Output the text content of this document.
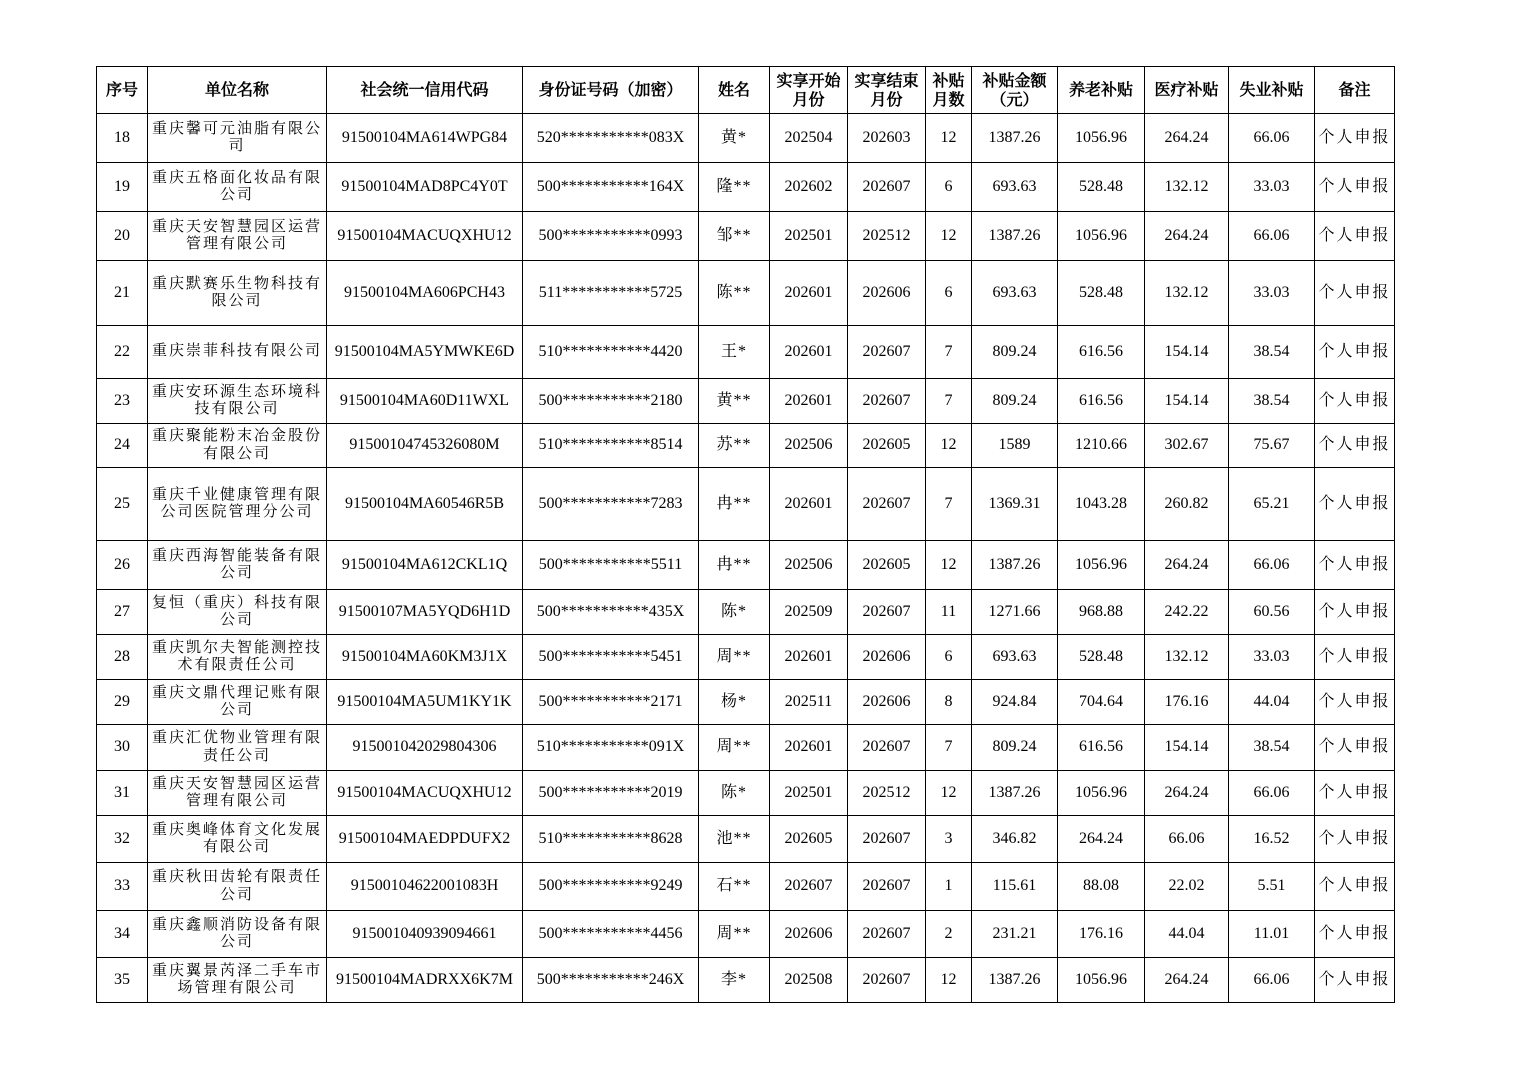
序号	单位名称	社会统一信用代码	身份证号码（加密）	姓名	实享开始月份	实享结束月份	补贴月数	补贴金额（元）	养老补贴	医疗补贴	失业补贴	备注
18	重庆馨可元油脂有限公司	91500104MA614WPG84	520***********083X	黄*	202504	202603	12	1387.26	1056.96	264.24	66.06	个人申报
19	重庆五格面化妆品有限公司	91500104MAD8PC4Y0T	500***********164X	隆**	202602	202607	6	693.63	528.48	132.12	33.03	个人申报
20	重庆天安智慧园区运营管理有限公司	91500104MACUQXHU12	500***********0993	邹**	202501	202512	12	1387.26	1056.96	264.24	66.06	个人申报
21	重庆默赛乐生物科技有限公司	91500104MA606PCH43	511***********5725	陈**	202601	202606	6	693.63	528.48	132.12	33.03	个人申报
22	重庆崇菲科技有限公司	91500104MA5YMWKE6D	510***********4420	王*	202601	202607	7	809.24	616.56	154.14	38.54	个人申报
23	重庆安环源生态环境科技有限公司	91500104MA60D11WXL	500***********2180	黄**	202601	202607	7	809.24	616.56	154.14	38.54	个人申报
24	重庆聚能粉末冶金股份有限公司	91500104745326080M	510***********8514	苏**	202506	202605	12	1589	1210.66	302.67	75.67	个人申报
25	重庆千业健康管理有限公司医院管理分公司	91500104MA60546R5B	500***********7283	冉**	202601	202607	7	1369.31	1043.28	260.82	65.21	个人申报
26	重庆西海智能装备有限公司	91500104MA612CKL1Q	500***********5511	冉**	202506	202605	12	1387.26	1056.96	264.24	66.06	个人申报
27	复恒（重庆）科技有限公司	91500107MA5YQD6H1D	500***********435X	陈*	202509	202607	11	1271.66	968.88	242.22	60.56	个人申报
28	重庆凯尔夫智能测控技术有限责任公司	91500104MA60KM3J1X	500***********5451	周**	202601	202606	6	693.63	528.48	132.12	33.03	个人申报
29	重庆文鼎代理记账有限公司	91500104MA5UM1KY1K	500***********2171	杨*	202511	202606	8	924.84	704.64	176.16	44.04	个人申报
30	重庆汇优物业管理有限责任公司	915001042029804306	510***********091X	周**	202601	202607	7	809.24	616.56	154.14	38.54	个人申报
31	重庆天安智慧园区运营管理有限公司	91500104MACUQXHU12	500***********2019	陈*	202501	202512	12	1387.26	1056.96	264.24	66.06	个人申报
32	重庆奥峰体育文化发展有限公司	91500104MAEDPDUFX2	510***********8628	池**	202605	202607	3	346.82	264.24	66.06	16.52	个人申报
33	重庆秋田齿轮有限责任公司	91500104622001083H	500***********9249	石**	202607	202607	1	115.61	88.08	22.02	5.51	个人申报
34	重庆鑫顺消防设备有限公司	915001040939094661	500***********4456	周**	202606	202607	2	231.21	176.16	44.04	11.01	个人申报
35	重庆翼景芮泽二手车市场管理有限公司	91500104MADRXX6K7M	500***********246X	李*	202508	202607	12	1387.26	1056.96	264.24	66.06	个人申报
